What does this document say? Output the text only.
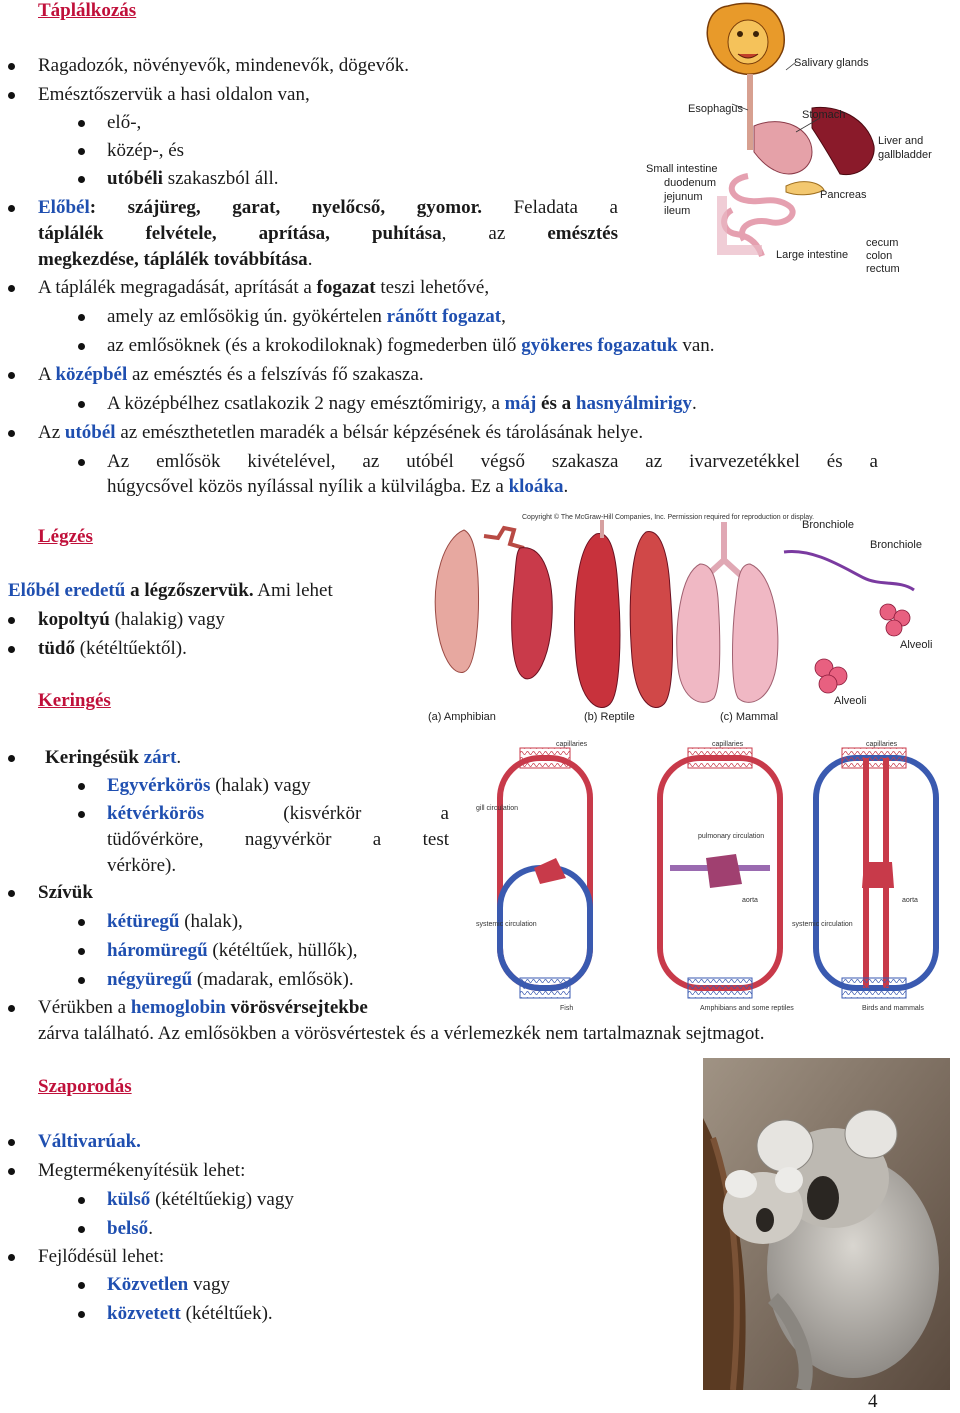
Táplálkozás
Ragadozók, növényevők, mindenevők, dögevők.
Emésztőszervük a hasi oldalon van,
elő-,
közép-, és
utóbéli szakaszból áll.
Előbél: szájüreg, garat, nyelőcső, gyomor. Feladata a
táplálék felvétele, aprítása, puhítása, az emésztés
megkezdése, táplálék továbbítása.
A táplálék megragadását, aprítását a fogazat teszi lehetővé,
amely az emlősökig ún. gyökértelen ránőtt fogazat,
az emlősöknek (és a krokodiloknak) fogmederben ülő gyökeres fogazatuk van.
A középbél az emésztés és a felszívás fő szakasza.
A középbélhez csatlakozik 2 nagy emésztőmirigy, a máj és a hasnyálmirigy.
Az utóbél az emészthetetlen maradék a bélsár képzésének és tárolásának helye.
Az emlősök kivételével, az utóbél végső szakasza az ivarvezetékkel és a
húgycsővel közös nyílással nyílik a külvilágba. Ez a kloáka.
Salivary glands
Esophagus	Stomach
Liver and
gallbladder
Small intestine
duodenum
jejunum
ileum
Pancreas
Large intestine
cecum
colon
rectum
Légzés
Előbél eredetű a légzőszervük. Ami lehet
kopoltyú (halakig) vagy
tüdő (kétéltűektől).
Copyright © The McGraw-Hill Companies, Inc. Permission required for reproduction or display.
Bronchiole
Bronchiole
Alveoli
Alveoli
(a) Amphibian	(b) Reptile	(c) Mammal
Keringés
Keringésük zárt.
Egyvérkörös (halak) vagy
kétvérkörös (kisvérkör a
tüdővérköre, nagyvérkör a test
vérköre).
Szívük
kétüregű (halak),
háromüregű (kétéltűek, hüllők),
négyüregű (madarak, emlősök).
Vérükben a hemoglobin vörösvérsejtekbe
zárva található. Az emlősökben a vörösvértestek és a vérlemezkék nem tartalmaznak sejtmagot.
capillaries	capillaries	capillaries
gill circulation
pulmonary circulation
systemic circulation	systemic circulation
aorta	aorta
Fish	Amphibians and some reptiles	Birds and mammals
Szaporodás
Váltivarúak.
Megtermékenyítésük lehet:
külső (kétéltűekig) vagy
belső.
Fejlődésül lehet:
Közvetlen vagy
közvetett (kétéltűek).
4
